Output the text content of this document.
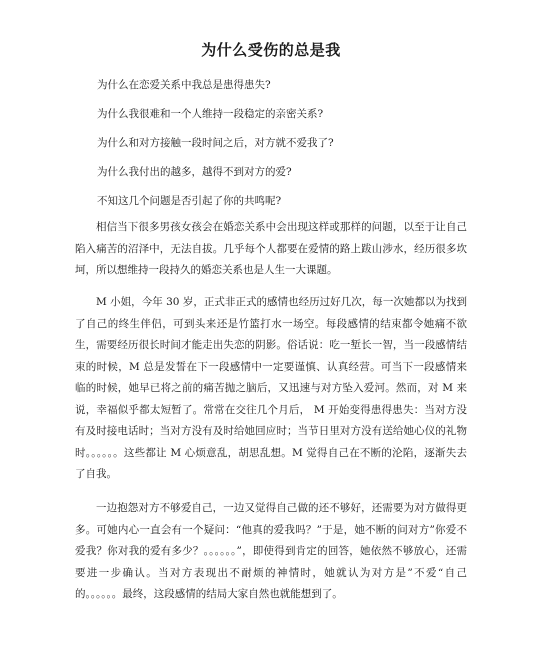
为什么受伤的总是我
为什么在恋爱关系中我总是患得患失?
为什么我很难和一个人维持一段稳定的亲密关系?
为什么和对方接触一段时间之后，对方就不爱我了?
为什么我付出的越多，越得不到对方的爱?
不知这几个问题是否引起了你的共鸣呢?

相信当下很多男孩女孩会在婚恋关系中会出现这样或那样的问题，以至于让自己陷入痛苦的沼泽中，无法自拔。几乎每个人都要在爱情的路上跋山涉水，经历很多坎坷，所以想维持一段持久的婚恋关系也是人生一大课题。

M 小姐，今年 30 岁，正式非正式的感情也经历过好几次，每一次她都以为找到了自己的终生伴侣，可到头来还是竹篮打水一场空。每段感情的结束都令她痛不欲生，需要经历很长时间才能走出失恋的阴影。俗话说：吃一堑长一智，当一段感情结束的时候，M 总是发誓在下一段感情中一定要谨慎、认真经营。可当下一段感情来临的时候，她早已将之前的痛苦抛之脑后，又迅速与对方坠入爱河。然而，对 M 来说，幸福似乎都太短暂了。常常在交往几个月后， M 开始变得患得患失：当对方没有及时接电话时；当对方没有及时给她回应时；当节日里对方没有送给她心仪的礼物时。。。。。。这些都让 M 心烦意乱，胡思乱想。M 觉得自己在不断的沦陷，逐渐失去了自我。

一边抱怨对方不够爱自己，一边又觉得自己做的还不够好，还需要为对方做得更多。可她内心一直会有一个疑问：“他真的爱我吗？”于是，她不断的问对方”你爱不爱我？你对我的爱有多少？。。。。。。”，即使得到肯定的回答，她依然不够放心，还需要进一步确认。当对方表现出不耐烦的神情时，她就认为对方是”不爱“自己的。。。。。。最终，这段感情的结局大家自然也就能想到了。
